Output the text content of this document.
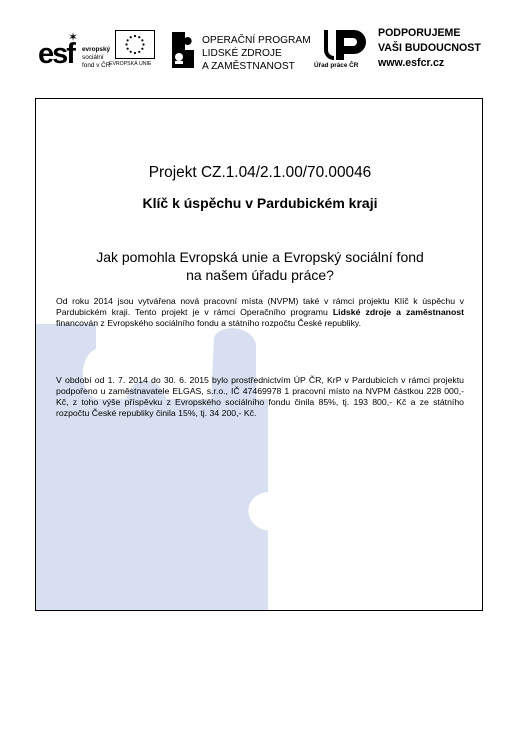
esf
✶
evropský
sociální
fond v ČR
EVROPSKÁ UNIE
OPERAČNÍ PROGRAM
LIDSKÉ ZDROJE
A ZAMĚSTNANOST	Úřad práce ČR
PODPORUJEME
VAŠI BUDOUCNOST
www.esfcr.cz
Projekt CZ.1.04/2.1.00/70.00046
Klíč k úspěchu v Pardubickém kraji
Jak pomohla Evropská unie a Evropský sociální fond
na našem úřadu práce?
Od roku 2014 jsou vytvářena nová pracovní místa (NVPM) také v rámci projektu Klíč k úspěchu v Pardubickém kraji. Tento projekt je v rámci Operačního programu Lidské zdroje a zaměstnanost financován z Evropského sociálního fondu a státního rozpočtu České republiky.
V období od 1. 7. 2014 do 30. 6. 2015 bylo prostřednictvím ÚP ČR, KrP v Pardubicích v rámci projektu podpořeno u zaměstnavatele ELGAS, s.r.o., IČ 47469978 1 pracovní místo na NVPM částkou 228 000,- Kč, z toho výše příspěvku z Evropského sociálního fondu činila 85%, tj. 193 800,- Kč a ze státního rozpočtu České republiky činila 15%, tj. 34 200,- Kč.
